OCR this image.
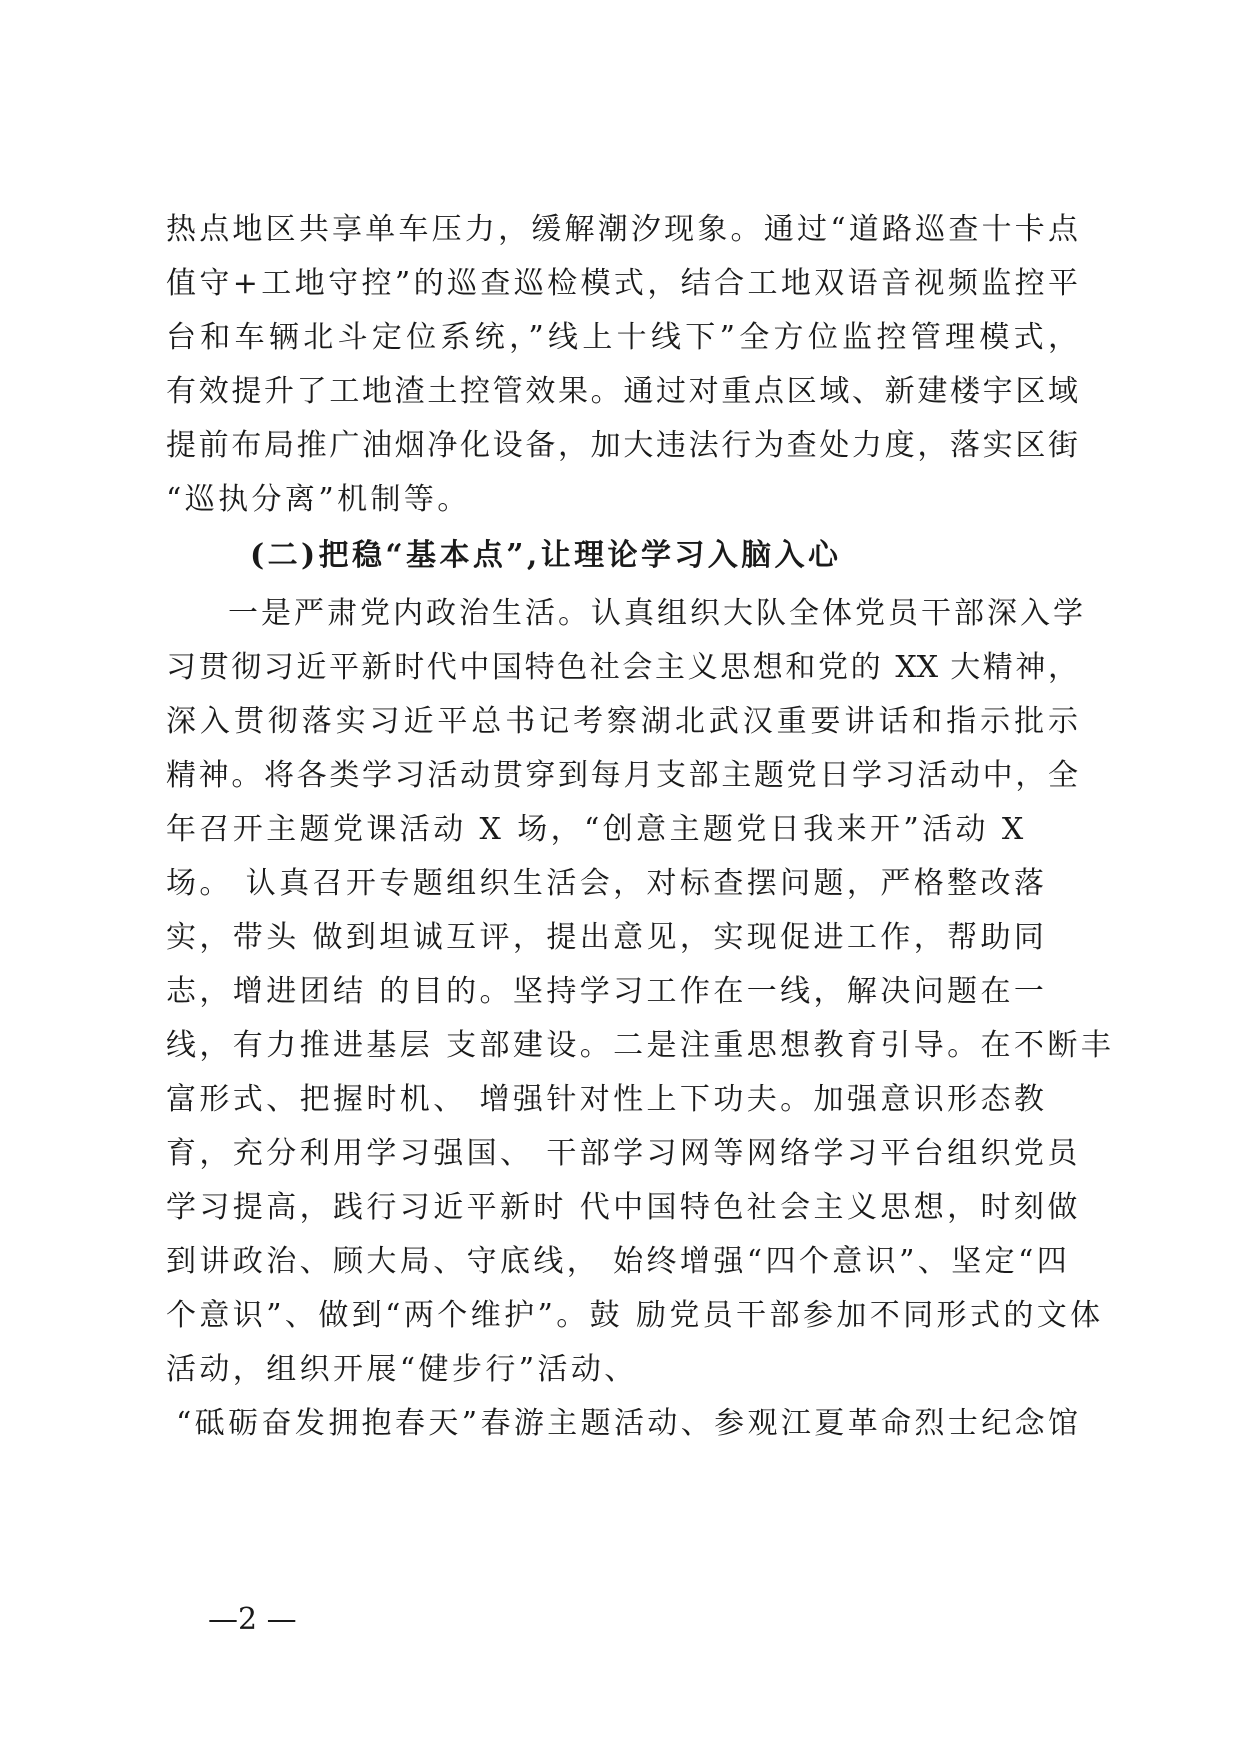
热点地区共享单车压力，缓解潮汐现象。通过“道路巡查十卡点
值守+工地守控”的巡查巡检模式，结合工地双语音视频监控平
台和车辆北斗定位系统，”线上十线下”全方位监控管理模式，
有效提升了工地渣土控管效果。通过对重点区域、新建楼宇区域
提前布局推广油烟净化设备，加大违法行为查处力度，落实区街
“巡执分离”机制等。
(二)把稳“基本点”,让理论学习入脑入心
一是严肃党内政治生活。认真组织大队全体党员干部深入学
习贯彻习近平新时代中国特色社会主义思想和党的 XX 大精神，
深入贯彻落实习近平总书记考察湖北武汉重要讲话和指示批示
精神。将各类学习活动贯穿到每月支部主题党日学习活动中，全
年召开主题党课活动 X 场，“创意主题党日我来开”活动 X
场。 认真召开专题组织生活会，对标查摆问题，严格整改落
实，带头 做到坦诚互评，提出意见，实现促进工作，帮助同
志，增进团结 的目的。坚持学习工作在一线，解决问题在一
线，有力推进基层 支部建设。二是注重思想教育引导。在不断丰
富形式、把握时机、 增强针对性上下功夫。加强意识形态教
育，充分利用学习强国、 干部学习网等网络学习平台组织党员
学习提高，践行习近平新时 代中国特色社会主义思想，时刻做
到讲政治、顾大局、守底线， 始终增强“四个意识”、坚定“四
个意识”、做到“两个维护”。鼓 励党员干部参加不同形式的文体
活动，组织开展“健步行”活动、
“砥砺奋发拥抱春天”春游主题活动、参观江夏革命烈士纪念馆
—2 —
